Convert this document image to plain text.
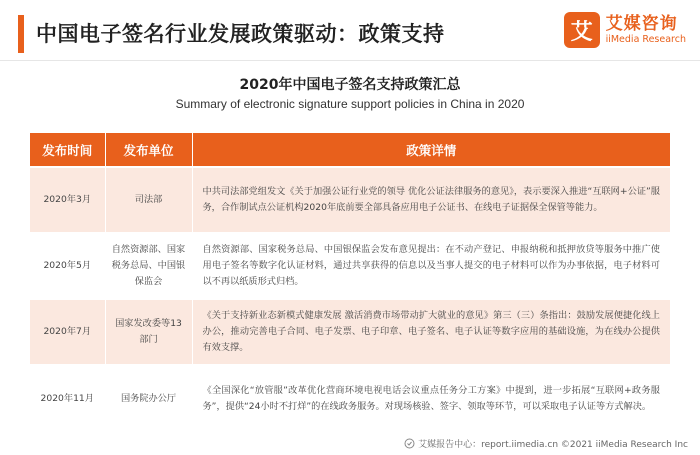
中国电子签名行业发展政策驱动：政策支持	艾 艾媒咨询
iiMedia Research
2020年中国电子签名支持政策汇总
Summary of electronic signature support policies in China in 2020
发布时间	发布单位	政策详情
2020年3月	司法部	中共司法部党组发文《关于加强公证行业党的领导 优化公证法律服务的意见》，表示要深入推进“互联网+公证”服务，合作制试点公证机构2020年底前要全部具备应用电子公证书、在线电子证据保全保管等能力。
2020年5月	自然资源部、国家税务总局、中国银保监会	自然资源部、国家税务总局、中国银保监会发布意见提出：在不动产登记、申报纳税和抵押放贷等服务中推广使用电子签名等数字化认证材料，通过共享获得的信息以及当事人提交的电子材料可以作为办事依据，电子材料可以不再以纸质形式归档。
2020年7月	国家发改委等13部门	《关于支持新业态新模式健康发展 激活消费市场带动扩大就业的意见》第三（三）条指出：鼓励发展便捷化线上办公，推动完善电子合同、电子发票、电子印章、电子签名、电子认证等数字应用的基础设施，为在线办公提供有效支撑。
2020年11月	国务院办公厅	《全国深化“放管服”改革优化营商环境电视电话会议重点任务分工方案》中提到，进一步拓展“互联网+政务服务”，提供“24小时不打烊”的在线政务服务。对现场核验、签字、领取等环节，可以采取电子认证等方式解决。
艾媒报告中心：report.iimedia.cn ©2021 iiMedia Research Inc
